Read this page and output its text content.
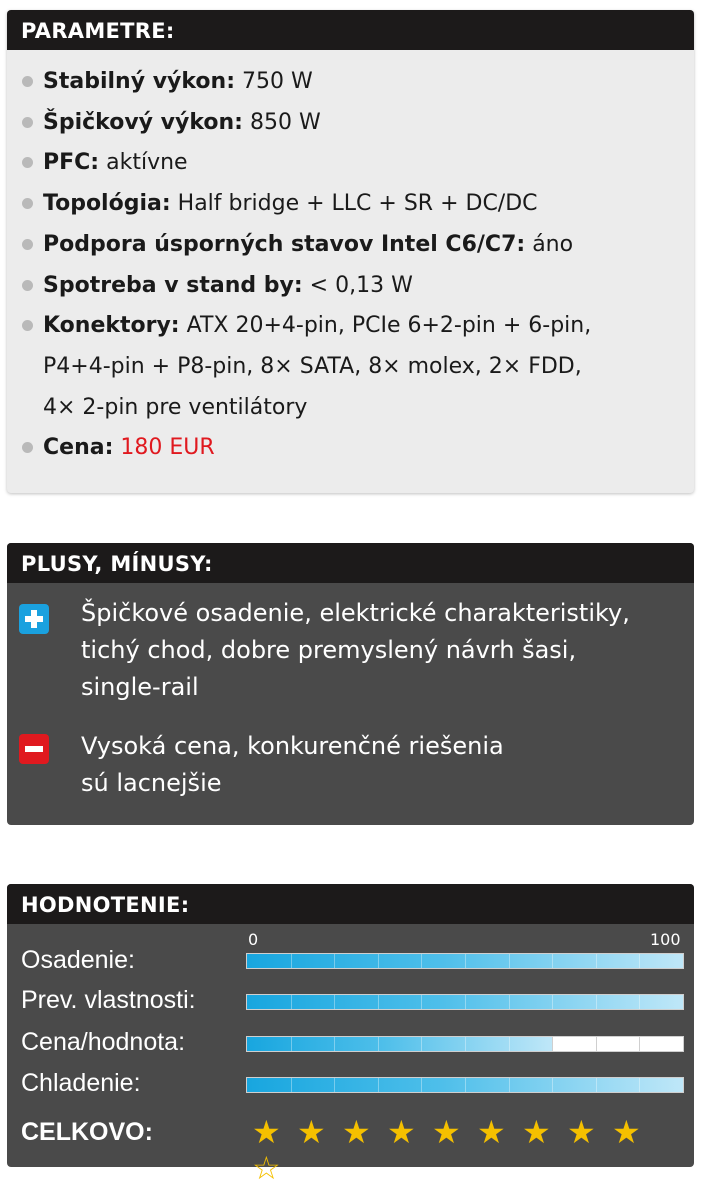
PARAMETRE:
Stabilný výkon: 750 W
Špičkový výkon: 850 W
PFC: aktívne
Topológia: Half bridge + LLC + SR + DC/DC
Podpora úsporných stavov Intel C6/C7: áno
Spotreba v stand by: < 0,13 W
Konektory: ATX 20+4-pin, PCIe 6+2-pin + 6-pin,
P4+4-pin + P8-pin, 8× SATA, 8× molex, 2× FDD,
4× 2-pin pre ventilátory
Cena: 180 EUR
PLUSY, MÍNUSY:
Špičkové osadenie, elektrické charakteristiky,
tichý chod, dobre premyslený návrh šasi,
single-rail
Vysoká cena, konkurenčné riešenia
sú lacnejšie
HODNOTENIE:
0	100
Osadenie:
Prev. vlastnosti:
Cena/hodnota:
Chladenie:
CELKOVO:	★ ★ ★ ★ ★ ★ ★ ★ ★☆
